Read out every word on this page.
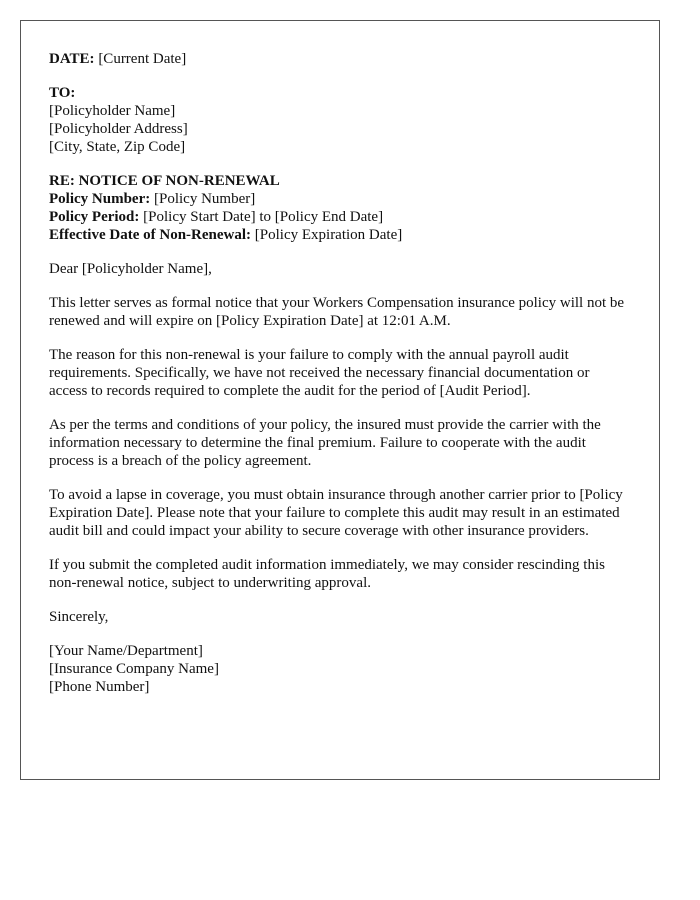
DATE: [Current Date]
TO:
[Policyholder Name]
[Policyholder Address]
[City, State, Zip Code]
RE: NOTICE OF NON-RENEWAL
Policy Number: [Policy Number]
Policy Period: [Policy Start Date] to [Policy End Date]
Effective Date of Non-Renewal: [Policy Expiration Date]

Dear [Policyholder Name],

This letter serves as formal notice that your Workers Compensation insurance policy will not be renewed and will expire on [Policy Expiration Date] at 12:01 A.M.

The reason for this non-renewal is your failure to comply with the annual payroll audit requirements. Specifically, we have not received the necessary financial documentation or access to records required to complete the audit for the period of [Audit Period].

As per the terms and conditions of your policy, the insured must provide the carrier with the information necessary to determine the final premium. Failure to cooperate with the audit process is a breach of the policy agreement.

To avoid a lapse in coverage, you must obtain insurance through another carrier prior to [Policy Expiration Date]. Please note that your failure to complete this audit may result in an estimated audit bill and could impact your ability to secure coverage with other insurance providers.

If you submit the completed audit information immediately, we may consider rescinding this non-renewal notice, subject to underwriting approval.

Sincerely,

[Your Name/Department]
[Insurance Company Name]
[Phone Number]
